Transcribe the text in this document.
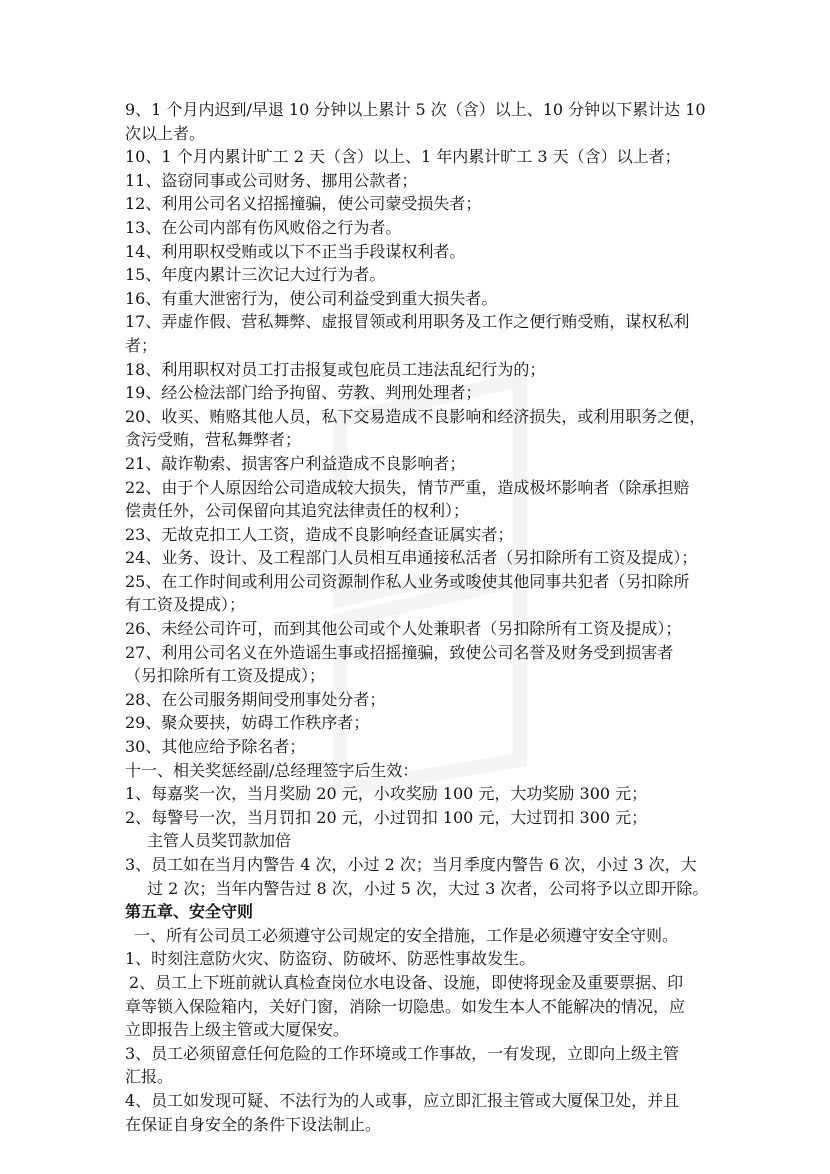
9、1 个月内迟到/早退 10 分钟以上累计 5 次（含）以上、10 分钟以下累计达 10
次以上者。
10、1 个月内累计旷工 2 天（含）以上、1 年内累计旷工 3 天（含）以上者；
11、盗窃同事或公司财务、挪用公款者；
12、利用公司名义招摇撞骗，使公司蒙受损失者；
13、在公司内部有伤风败俗之行为者。
14、利用职权受贿或以下不正当手段谋权利者。
15、年度内累计三次记大过行为者。
16、有重大泄密行为，使公司利益受到重大损失者。
17、弄虚作假、营私舞弊、虚报冒领或利用职务及工作之便行贿受贿，谋权私利
者；
18、利用职权对员工打击报复或包庇员工违法乱纪行为的；
19、经公检法部门给予拘留、劳教、判刑处理者；
20、收买、贿赂其他人员，私下交易造成不良影响和经济损失，或利用职务之便，
贪污受贿，营私舞弊者；
21、敲诈勒索、损害客户利益造成不良影响者；
22、由于个人原因给公司造成较大损失，情节严重，造成极坏影响者（除承担赔
偿责任外，公司保留向其追究法律责任的权利）；
23、无故克扣工人工资，造成不良影响经查证属实者；
24、业务、设计、及工程部门人员相互串通接私活者（另扣除所有工资及提成）；
25、在工作时间或利用公司资源制作私人业务或唆使其他同事共犯者（另扣除所
有工资及提成）；
26、未经公司许可，而到其他公司或个人处兼职者（另扣除所有工资及提成）；
27、利用公司名义在外造谣生事或招摇撞骗，致使公司名誉及财务受到损害者
（另扣除所有工资及提成）；
28、在公司服务期间受刑事处分者；
29、聚众要挟，妨碍工作秩序者；
30、其他应给予除名者；
十一、相关奖惩经副/总经理签字后生效：
1、每嘉奖一次，当月奖励 20 元，小攻奖励 100 元，大功奖励 300 元；
2、每警号一次，当月罚扣 20 元，小过罚扣 100 元，大过罚扣 300 元；
主管人员奖罚款加倍
3、员工如在当月内警告 4 次，小过 2 次；当月季度内警告 6 次，小过 3 次，大
过 2 次；当年内警告过 8 次，小过 5 次，大过 3 次者，公司将予以立即开除。
第五章、安全守则
一、所有公司员工必须遵守公司规定的安全措施，工作是必须遵守安全守则。
1、时刻注意防火灾、防盗窃、防破坏、防恶性事故发生。
2、员工上下班前就认真检查岗位水电设备、设施，即使将现金及重要票据、印
章等锁入保险箱内，关好门窗，消除一切隐患。如发生本人不能解决的情况，应
立即报告上级主管或大厦保安。
3、员工必须留意任何危险的工作环境或工作事故，一有发现，立即向上级主管
汇报。
4、员工如发现可疑、不法行为的人或事，应立即汇报主管或大厦保卫处，并且
在保证自身安全的条件下设法制止。
